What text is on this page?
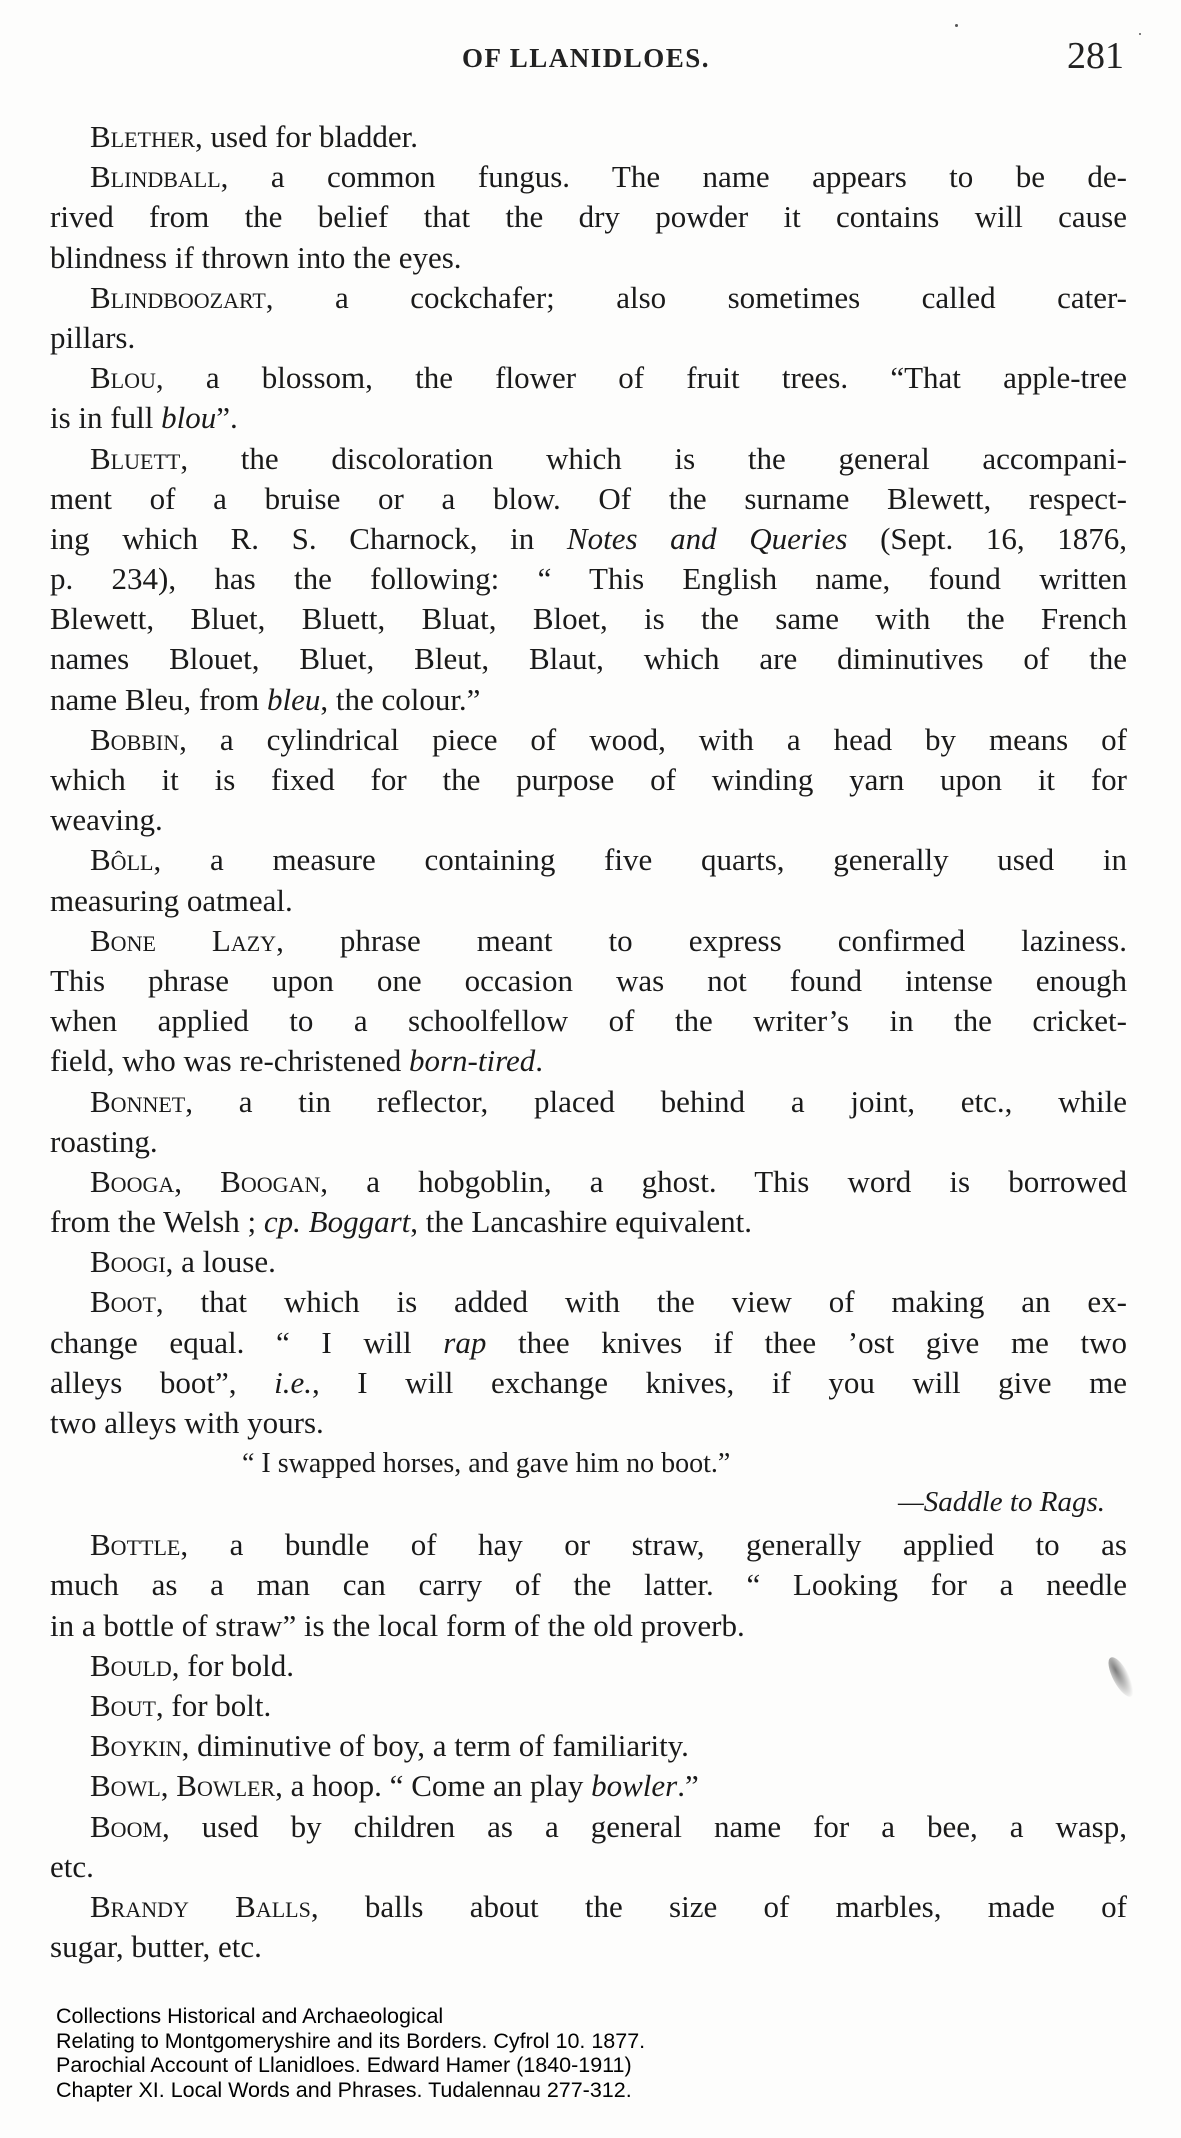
OF LLANIDLOES.	281
Blether, used for bladder.
Blindball, a common fungus. The name appears to be de-
rived from the belief that the dry powder it contains will cause
blindness if thrown into the eyes.
Blindboozart, a cockchafer; also sometimes called cater-
pillars.
Blou, a blossom, the flower of fruit trees. “That apple-tree
is in full blou”.
Bluett, the discoloration which is the general accompani-
ment of a bruise or a blow. Of the surname Blewett, respect-
ing which R. S. Charnock, in Notes and Queries (Sept. 16, 1876,
p. 234), has the following: “ This English name, found written
Blewett, Bluet, Bluett, Bluat, Bloet, is the same with the French
names Blouet, Bluet, Bleut, Blaut, which are diminutives of the
name Bleu, from bleu, the colour.”
Bobbin, a cylindrical piece of wood, with a head by means of
which it is fixed for the purpose of winding yarn upon it for
weaving.
Bôll, a measure containing five quarts, generally used in
measuring oatmeal.
Bone Lazy, phrase meant to express confirmed laziness.
This phrase upon one occasion was not found intense enough
when applied to a schoolfellow of the writer’s in the cricket-
field, who was re-christened born-tired.
Bonnet, a tin reflector, placed behind a joint, etc., while
roasting.
Booga, Boogan, a hobgoblin, a ghost. This word is borrowed
from the Welsh ; cp. Boggart, the Lancashire equivalent.
Boogi, a louse.
Boot, that which is added with the view of making an ex-
change equal. “ I will rap thee knives if thee ’ost give me two
alleys boot”, i.e., I will exchange knives, if you will give me
two alleys with yours.
“ I swapped horses, and gave him no boot.”
—Saddle to Rags.
Bottle, a bundle of hay or straw, generally applied to as
much as a man can carry of the latter. “ Looking for a needle
in a bottle of straw” is the local form of the old proverb.
Bould, for bold.
Bout, for bolt.
Boykin, diminutive of boy, a term of familiarity.
Bowl, Bowler, a hoop. “ Come an play bowler.”
Boom, used by children as a general name for a bee, a wasp,
etc.
Brandy Balls, balls about the size of marbles, made of
sugar, butter, etc.
Collections Historical and Archaeological
Relating to Montgomeryshire and its Borders. Cyfrol 10. 1877.
Parochial Account of Llanidloes. Edward Hamer (1840-1911)
Chapter XI. Local Words and Phrases. Tudalennau 277-312.
